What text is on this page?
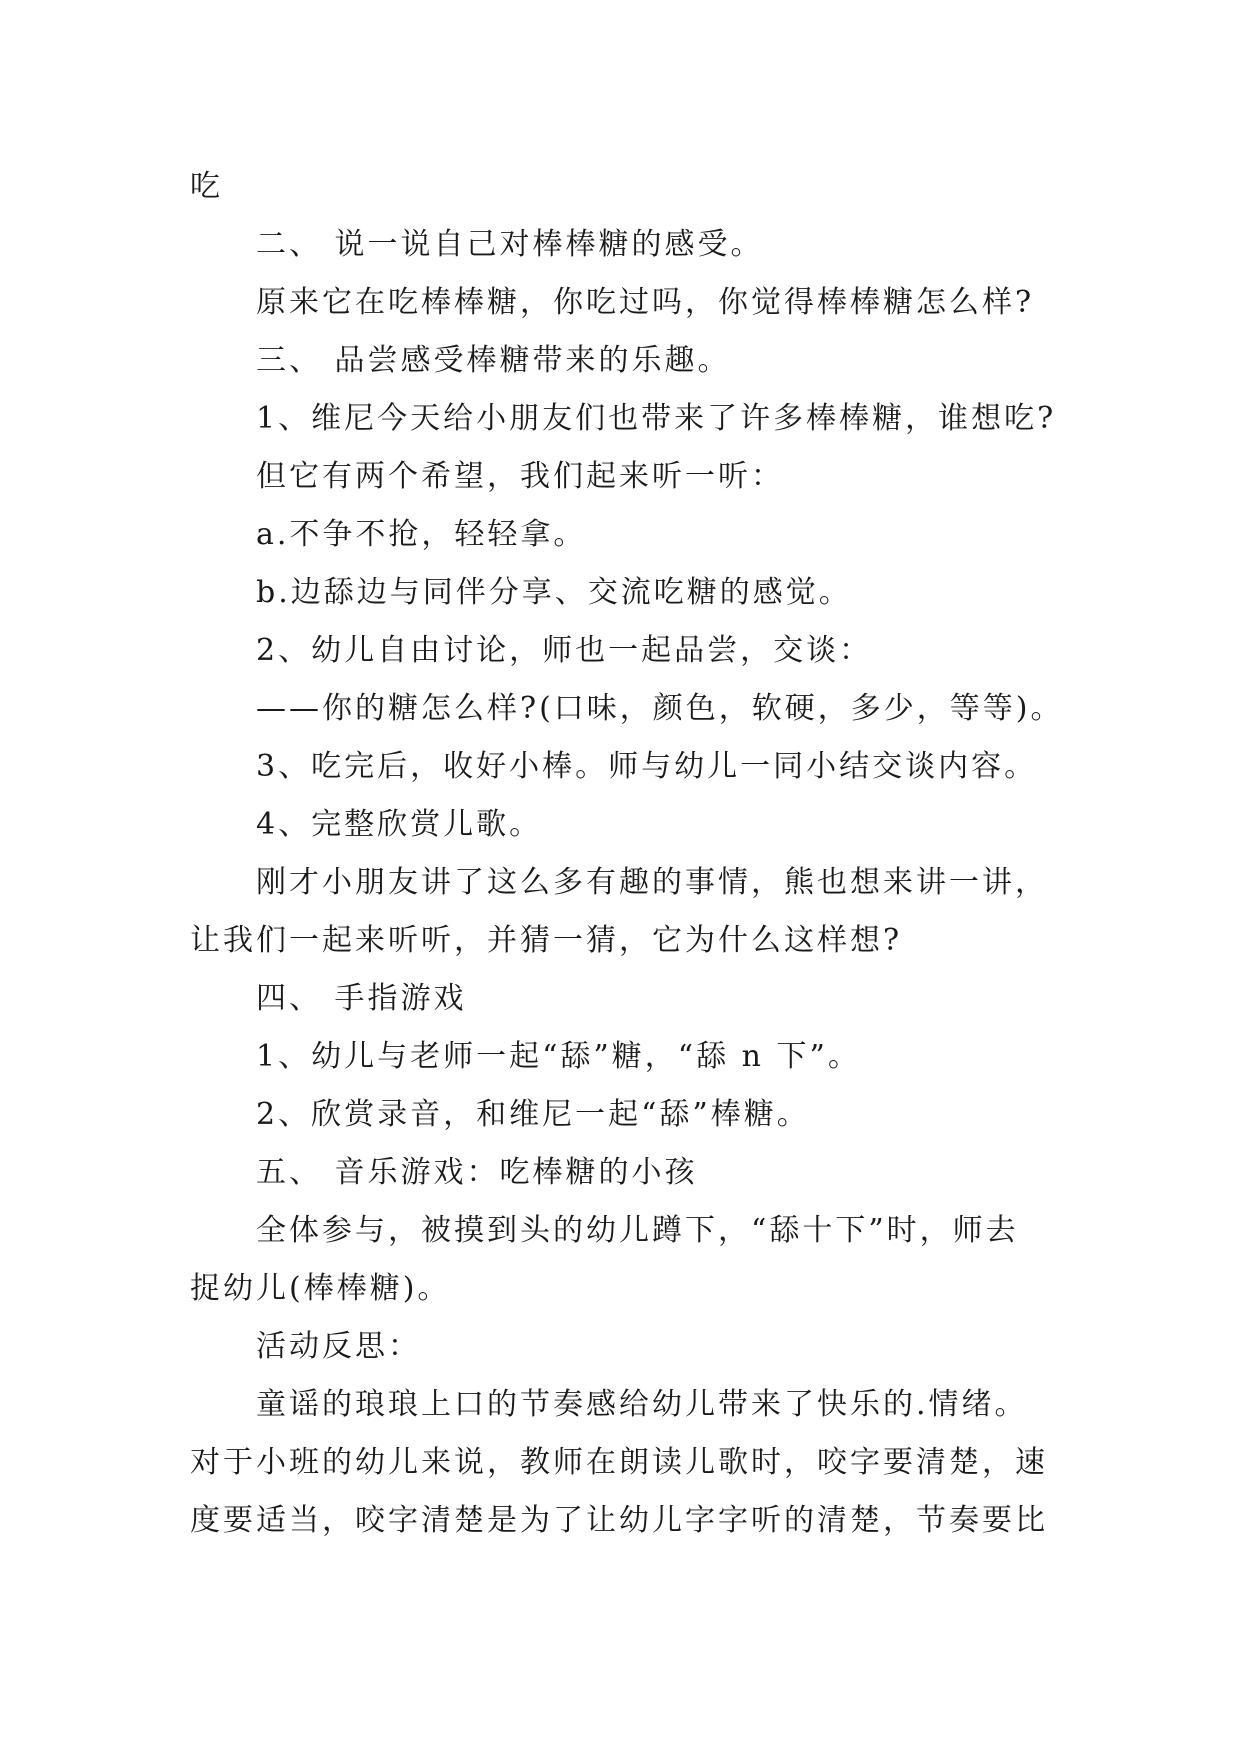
吃
二、 说一说自己对棒棒糖的感受。
原来它在吃棒棒糖，你吃过吗，你觉得棒棒糖怎么样?
三、 品尝感受棒糖带来的乐趣。
1、维尼今天给小朋友们也带来了许多棒棒糖，谁想吃?
但它有两个希望，我们起来听一听：
a.不争不抢，轻轻拿。
b.边舔边与同伴分享、交流吃糖的感觉。
2、幼儿自由讨论，师也一起品尝，交谈：
——你的糖怎么样?(口味，颜色，软硬，多少，等等)。
3、吃完后，收好小棒。师与幼儿一同小结交谈内容。
4、完整欣赏儿歌。
刚才小朋友讲了这么多有趣的事情，熊也想来讲一讲，
让我们一起来听听，并猜一猜，它为什么这样想?
四、 手指游戏
1、幼儿与老师一起“舔”糖，“舔 n 下”。
2、欣赏录音，和维尼一起“舔”棒糖。
五、 音乐游戏：吃棒糖的小孩
全体参与，被摸到头的幼儿蹲下，“舔十下”时，师去
捉幼儿(棒棒糖)。
活动反思：
童谣的琅琅上口的节奏感给幼儿带来了快乐的.情绪。
对于小班的幼儿来说，教师在朗读儿歌时，咬字要清楚，速
度要适当，咬字清楚是为了让幼儿字字听的清楚，节奏要比
